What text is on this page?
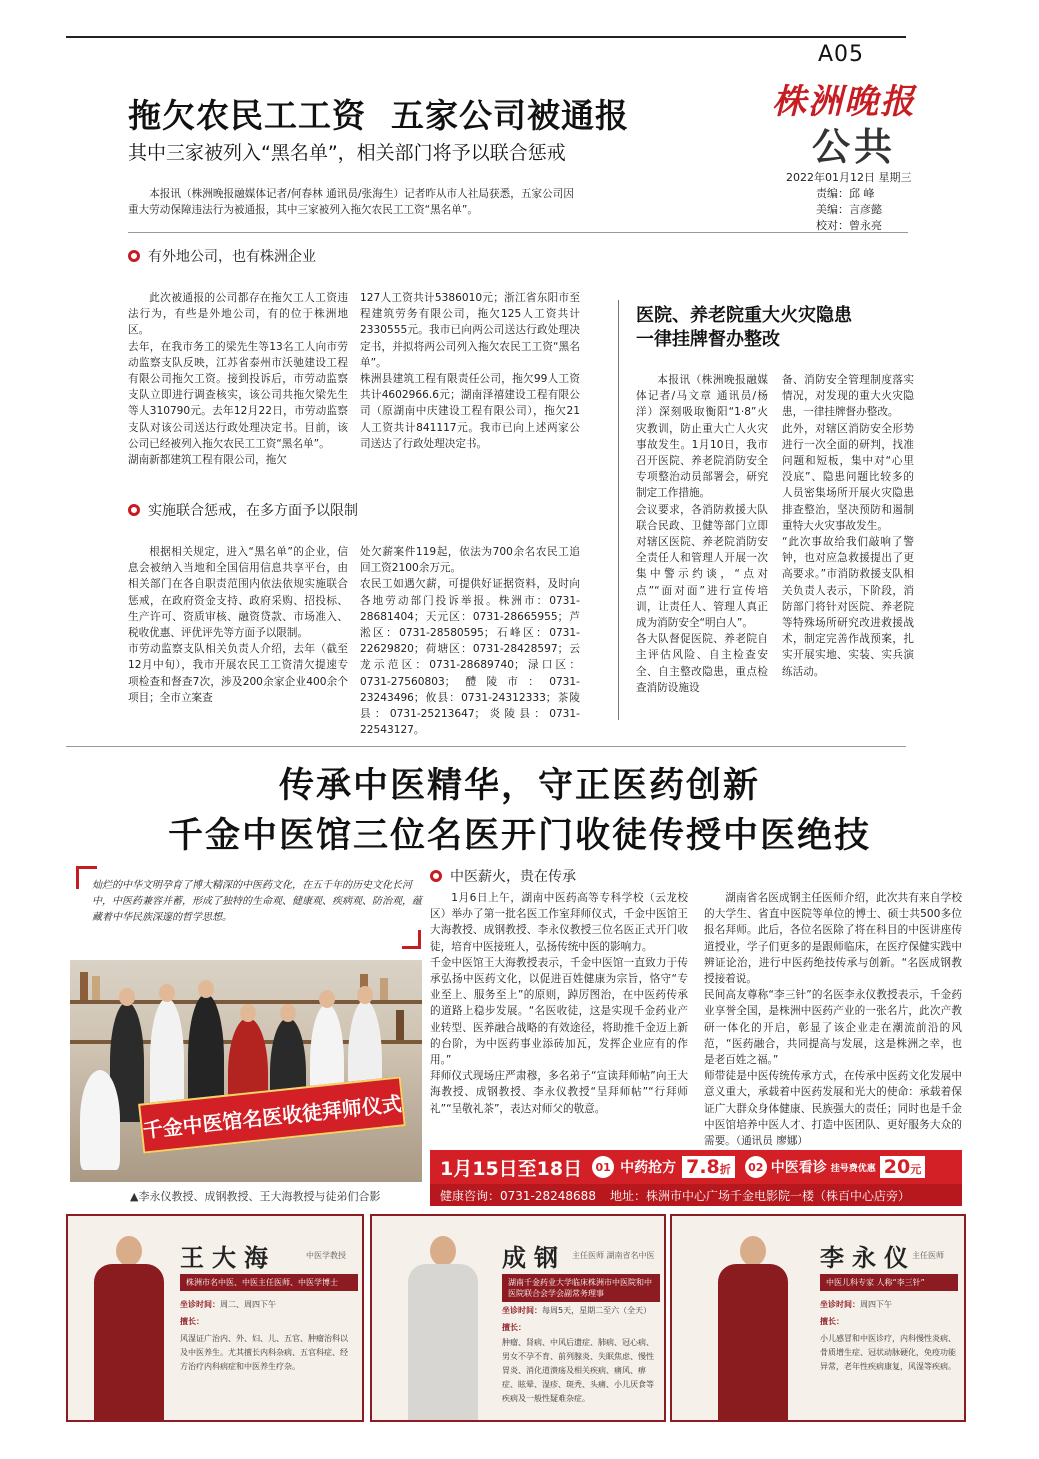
A05
株洲晚报
公共
2022年01月12日 星期三
责编：邱 峰
美编：言彦懿
校对：曾永亮
拖欠农民工工资  五家公司被通报
其中三家被列入“黑名单”，相关部门将予以联合惩戒
本报讯（株洲晚报融媒体记者/何春林 通讯员/张海生）记者昨从市人社局获悉，五家公司因重大劳动保障违法行为被通报，其中三家被列入拖欠农民工工资“黑名单”。
有外地公司，也有株洲企业
此次被通报的公司都存在拖欠工人工资违法行为，有些是外地公司，有的位于株洲地区。
去年，在我市务工的梁先生等13名工人向市劳动监察支队反映，江苏省泰州市沃驰建设工程有限公司拖欠工资。接到投诉后，市劳动监察支队立即进行调查核实，该公司共拖欠梁先生等人310790元。去年12月22日，市劳动监察支队对该公司送达行政处理决定书。目前，该公司已经被列入拖欠农民工工资“黑名单”。
湖南新都建筑工程有限公司，拖欠
127人工资共计5386010元；浙江省东阳市至程建筑劳务有限公司，拖欠125人工资共计2330555元。我市已向两公司送达行政处理决定书，并拟将两公司列入拖欠农民工工资“黑名单”。
株洲县建筑工程有限责任公司，拖欠99人工资共计4602966.6元；湖南泽禧建设工程有限公司（原湖南中庆建设工程有限公司），拖欠21人工资共计841117元。我市已向上述两家公司送达了行政处理决定书。
实施联合惩戒，在多方面予以限制
根据相关规定，进入“黑名单”的企业，信息会被纳入当地和全国信用信息共享平台，由相关部门在各自职责范围内依法依规实施联合惩戒，在政府资金支持、政府采购、招投标、生产许可、资质审核、融资贷款、市场准入、税收优惠、评优评先等方面予以限制。
市劳动监察支队相关负责人介绍，去年（截至12月中旬），我市开展农民工工资清欠提速专项检查和督查7次，涉及200余家企业400余个项目；全市立案查
处欠薪案件119起，依法为700余名农民工追回工资2100余万元。
农民工如遇欠薪，可提供好证据资料，及时向各地劳动部门投诉举报。株洲市：0731-28681404；天元区：0731-28665955；芦淞区：0731-28580595；石峰区：0731-22629820；荷塘区：0731-28428597；云龙示范区：0731-28689740；渌口区：0731-27560803；醴陵市：0731-23243496；攸县：0731-24312333；茶陵县：0731-25213647；炎陵县：0731-22543127。
医院、养老院重大火灾隐患
一律挂牌督办整改
本报讯（株洲晚报融媒体记者/马文章 通讯员/杨洋）深刻吸取衡阳“1·8”火灾教训，防止重大亡人火灾事故发生。1月10日，我市召开医院、养老院消防安全专项整治动员部署会，研究制定工作措施。
会议要求，各消防救援大队联合民政、卫健等部门立即对辖区医院、养老院消防安全责任人和管理人开展一次集中警示约谈，“点对点”“面对面”进行宣传培训，让责任人、管理人真正成为消防安全“明白人”。
各大队督促医院、养老院自主评估风险、自主检查安全、自主整改隐患，重点检查消防设施设
备、消防安全管理制度落实情况，对发现的重大火灾隐患，一律挂牌督办整改。
此外，对辖区消防安全形势进行一次全面的研判，找准问题和短板，集中对“心里没底”、隐患问题比较多的人员密集场所开展火灾隐患排查整治，坚决预防和遏制重特大火灾事故发生。
“此次事故给我们敲响了警钟，也对应急救援提出了更高要求。”市消防救援支队相关负责人表示，下阶段，消防部门将针对医院、养老院等特殊场所研究改进救援战术，制定完善作战预案，扎实开展实地、实装、实兵演练活动。
传承中医精华，守正医药创新
千金中医馆三位名医开门收徒传授中医绝技
灿烂的中华文明孕育了博大精深的中医药文化，在五千年的历史文化长河中，中医药兼容并蓄，形成了独特的生命观、健康观、疾病观、防治观，蕴藏着中华民族深邃的哲学思想。
千金中医馆名医收徒拜师仪式
▲李永仪教授、成钢教授、王大海教授与徒弟们合影
中医薪火，贵在传承
1月6日上午，湖南中医药高等专科学校（云龙校区）举办了第一批名医工作室拜师仪式，千金中医馆王大海教授、成钢教授、李永仪教授三位名医正式开门收徒，培育中医接班人，弘扬传统中医的影响力。
千金中医馆王大海教授表示，千金中医馆一直致力于传承弘扬中医药文化，以促进百姓健康为宗旨，恪守“专业至上、服务至上”的原则，踔厉图治，在中医药传承的道路上稳步发展。“名医收徒，这是实现千金药业产业转型、医养融合战略的有效途径，将助推千金迈上新的台阶，为中医药事业添砖加瓦，发挥企业应有的作用。”
拜师仪式现场庄严肃穆，多名弟子“宣读拜师帖”向王大海教授、成钢教授、李永仪教授“呈拜师帖”“行拜师礼”“呈敬礼茶”，表达对师父的敬意。
湖南省名医成钢主任医师介绍，此次共有来自学校的大学生、省直中医院等单位的博士、硕士共500多位报名拜师。此后，各位名医除了将在科目的中医讲座传道授业，学子们更多的是跟师临床，在医疗保健实践中辨证论治，进行中医药绝技传承与创新。“名医成钢教授接着说。
民间高友尊称“李三针”的名医李永仪教授表示，千金药业享誉全国，是株洲中医药产业的一张名片，此次产教研一体化的开启，彰显了该企业走在潮流前沿的风范，“医药融合，共同提高与发展，这是株洲之幸，也是老百姓之福。”
师带徒是中医传统传承方式，在传承中医药文化发展中意义重大，承载着中医药发展和光大的使命：承载着保证广大群众身体健康、民族强大的责任；同时也是千金中医馆培养中医人才、打造中医团队、更好服务大众的需要。（通讯员 廖娜）
1月15日至18日	01 中药抢方 7.8折	02 中医看诊 挂号费优惠 20元
健康咨询：0731-28248688 地址：株洲市中心广场千金电影院一楼（株百中心店旁）
王大海	中医学教授
株洲市名中医、中医主任医师、中医学博士
坐诊时间：周二、周四下午
擅长：
风湿证广治内、外、妇、儿、五官、肿瘤治科以及中医养生。尤其擅长内科杂病、五官科症、经方治疗内科病症和中医养生疗杂。
成钢 主任医师 湖南省名中医
湖南千金药业大学临床株洲市中医院和中医院联合会学会副常务理事
坐诊时间：每周5天，星期二至六（全天）
擅长：
肿瘤、肾病、中风后遗症、肺病、冠心病、男女不孕不育、前列腺炎、失眠焦虑、慢性胃炎、消化道溃疡及相关疾病、痛风、痹症、眩晕、湿疹、斑秃、头痛、小儿厌食等疾病及一般性疑难杂症。
李永仪
主任医师
中医儿科专家 人称“李三针”
坐诊时间：周四下午
擅长：
小儿感冒和中医诊疗，内科慢性炎病、骨质增生症、冠状动脉硬化，免疫功能异常，老年性疾病康复，风湿等疾病。
